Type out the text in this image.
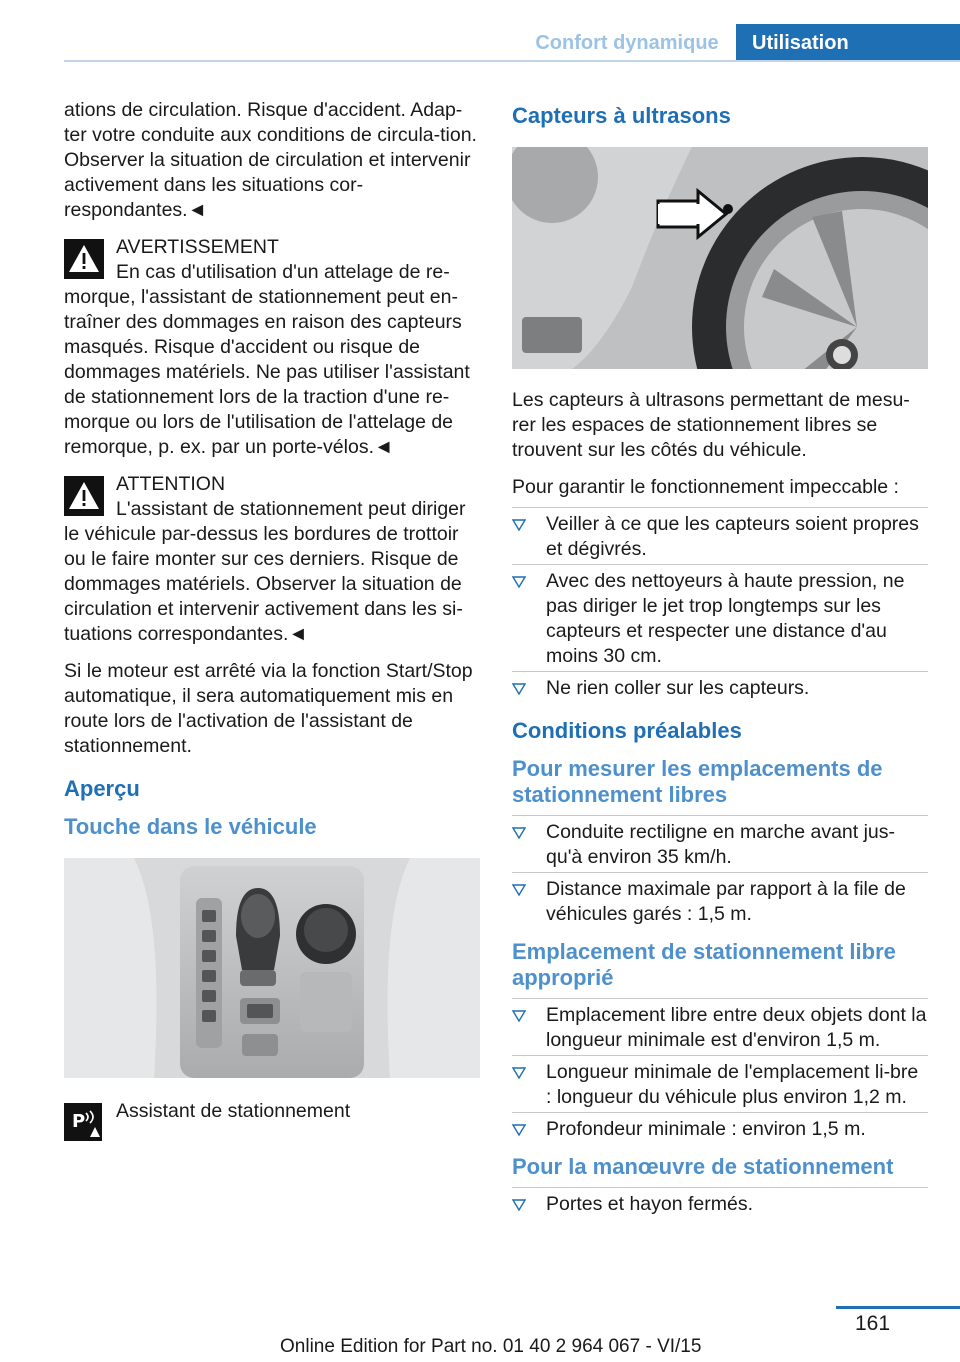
Confort dynamique	Utilisation

ations de circulation. Risque d'accident. Adap-ter votre conduite aux conditions de circula-tion. Observer la situation de circulation et intervenir activement dans les situations cor-respondantes.◄

AVERTISSEMENT
En cas d'utilisation d'un attelage de re-morque, l'assistant de stationnement peut en-traîner des dommages en raison des capteurs masqués. Risque d'accident ou risque de dommages matériels. Ne pas utiliser l'assistant de stationnement lors de la traction d'une re-morque ou lors de l'utilisation de l'attelage de remorque, p. ex. par un porte-vélos.◄
ATTENTION
L'assistant de stationnement peut diriger le véhicule par-dessus les bordures de trottoir ou le faire monter sur ces derniers. Risque de dommages matériels. Observer la situation de circulation et intervenir activement dans les si-tuations correspondantes.◄

Si le moteur est arrêté via la fonction Start/Stop automatique, il sera automatiquement mis en route lors de l'activation de l'assistant de stationnement.

Aperçu
Touche dans le véhicule
P Assistant de stationnement
Capteurs à ultrasons

Les capteurs à ultrasons permettant de mesu-rer les espaces de stationnement libres se trouvent sur les côtés du véhicule.

Pour garantir le fonctionnement impeccable :

Veiller à ce que les capteurs soient propres et dégivrés.
Avec des nettoyeurs à haute pression, ne pas diriger le jet trop longtemps sur les capteurs et respecter une distance d'au moins 30 cm.
Ne rien coller sur les capteurs.
Conditions préalables
Pour mesurer les emplacements de stationnement libres
Conduite rectiligne en marche avant jus-qu'à environ 35 km/h.
Distance maximale par rapport à la file de véhicules garés : 1,5 m.
Emplacement de stationnement libre approprié
Emplacement libre entre deux objets dont la longueur minimale est d'environ 1,5 m.
Longueur minimale de l'emplacement li-bre : longueur du véhicule plus environ 1,2 m.
Profondeur minimale : environ 1,5 m.
Pour la manœuvre de stationnement
Portes et hayon fermés.
161
Online Edition for Part no. 01 40 2 964 067 - VI/15
